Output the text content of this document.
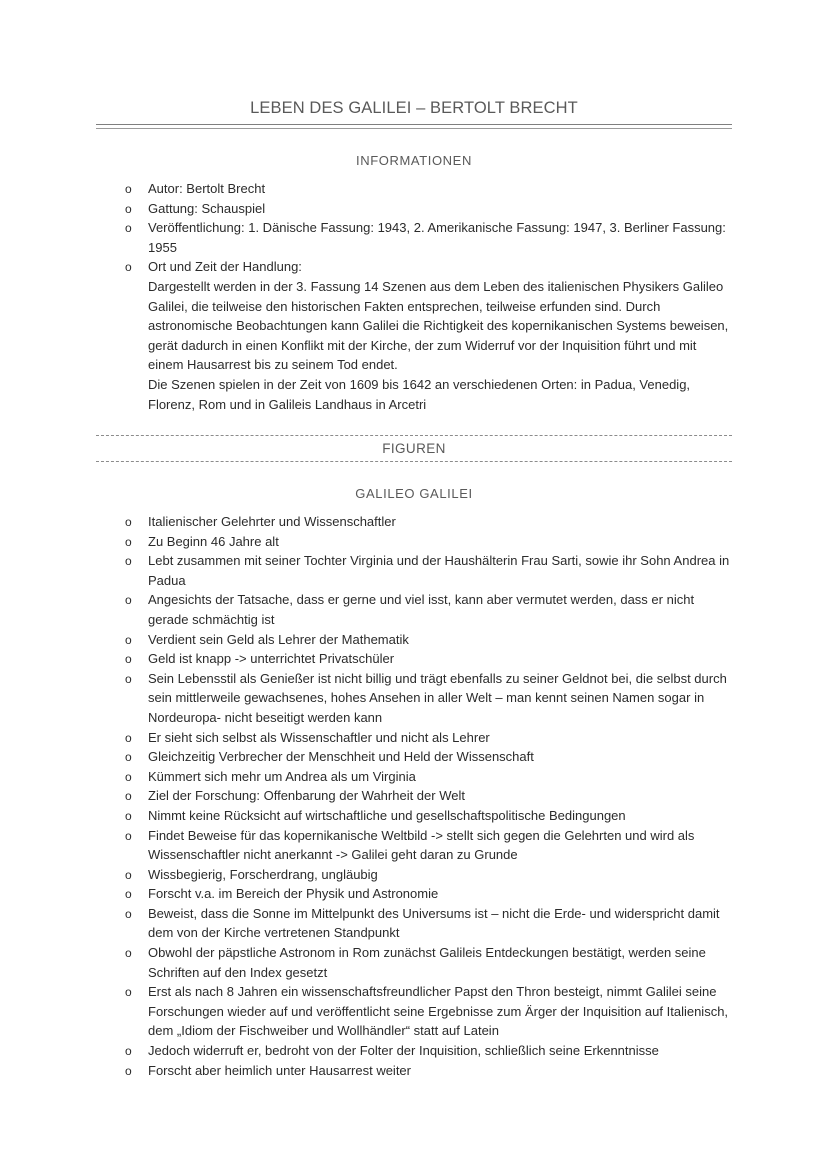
LEBEN DES GALILEI – BERTOLT BRECHT
INFORMATIONEN
o Autor: Bertolt Brecht
o Gattung: Schauspiel
o Veröffentlichung: 1. Dänische Fassung: 1943, 2. Amerikanische Fassung: 1947, 3. Berliner Fassung: 1955
o Ort und Zeit der Handlung:
Dargestellt werden in der 3. Fassung 14 Szenen aus dem Leben des italienischen Physikers Galileo Galilei, die teilweise den historischen Fakten entsprechen, teilweise erfunden sind. Durch astronomische Beobachtungen kann Galilei die Richtigkeit des kopernikanischen Systems beweisen, gerät dadurch in einen Konflikt mit der Kirche, der zum Widerruf vor der Inquisition führt und mit einem Hausarrest bis zu seinem Tod endet.
Die Szenen spielen in der Zeit von 1609 bis 1642 an verschiedenen Orten: in Padua, Venedig, Florenz, Rom und in Galileis Landhaus in Arcetri
FIGUREN
GALILEO GALILEI
o Italienischer Gelehrter und Wissenschaftler
o Zu Beginn 46 Jahre alt
o Lebt zusammen mit seiner Tochter Virginia und der Haushälterin Frau Sarti, sowie ihr Sohn Andrea in Padua
o Angesichts der Tatsache, dass er gerne und viel isst, kann aber vermutet werden, dass er nicht gerade schmächtig ist
o Verdient sein Geld als Lehrer der Mathematik
o Geld ist knapp -> unterrichtet Privatschüler
o Sein Lebensstil als Genießer ist nicht billig und trägt ebenfalls zu seiner Geldnot bei, die selbst durch sein mittlerweile gewachsenes, hohes Ansehen in aller Welt – man kennt seinen Namen sogar in Nordeuropa- nicht beseitigt werden kann
o Er sieht sich selbst als Wissenschaftler und nicht als Lehrer
o Gleichzeitig Verbrecher der Menschheit und Held der Wissenschaft
o Kümmert sich mehr um Andrea als um Virginia
o Ziel der Forschung: Offenbarung der Wahrheit der Welt
o Nimmt keine Rücksicht auf wirtschaftliche und gesellschaftspolitische Bedingungen
o Findet Beweise für das kopernikanische Weltbild -> stellt sich gegen die Gelehrten und wird als Wissenschaftler nicht anerkannt -> Galilei geht daran zu Grunde
o Wissbegierig, Forscherdrang, ungläubig
o Forscht v.a. im Bereich der Physik und Astronomie
o Beweist, dass die Sonne im Mittelpunkt des Universums ist – nicht die Erde- und widerspricht damit dem von der Kirche vertretenen Standpunkt
o Obwohl der päpstliche Astronom in Rom zunächst Galileis Entdeckungen bestätigt, werden seine Schriften auf den Index gesetzt
o Erst als nach 8 Jahren ein wissenschaftsfreundlicher Papst den Thron besteigt, nimmt Galilei seine Forschungen wieder auf und veröffentlicht seine Ergebnisse zum Ärger der Inquisition auf Italienisch, dem „Idiom der Fischweiber und Wollhändler“ statt auf Latein
o Jedoch widerruft er, bedroht von der Folter der Inquisition, schließlich seine Erkenntnisse
o Forscht aber heimlich unter Hausarrest weiter
